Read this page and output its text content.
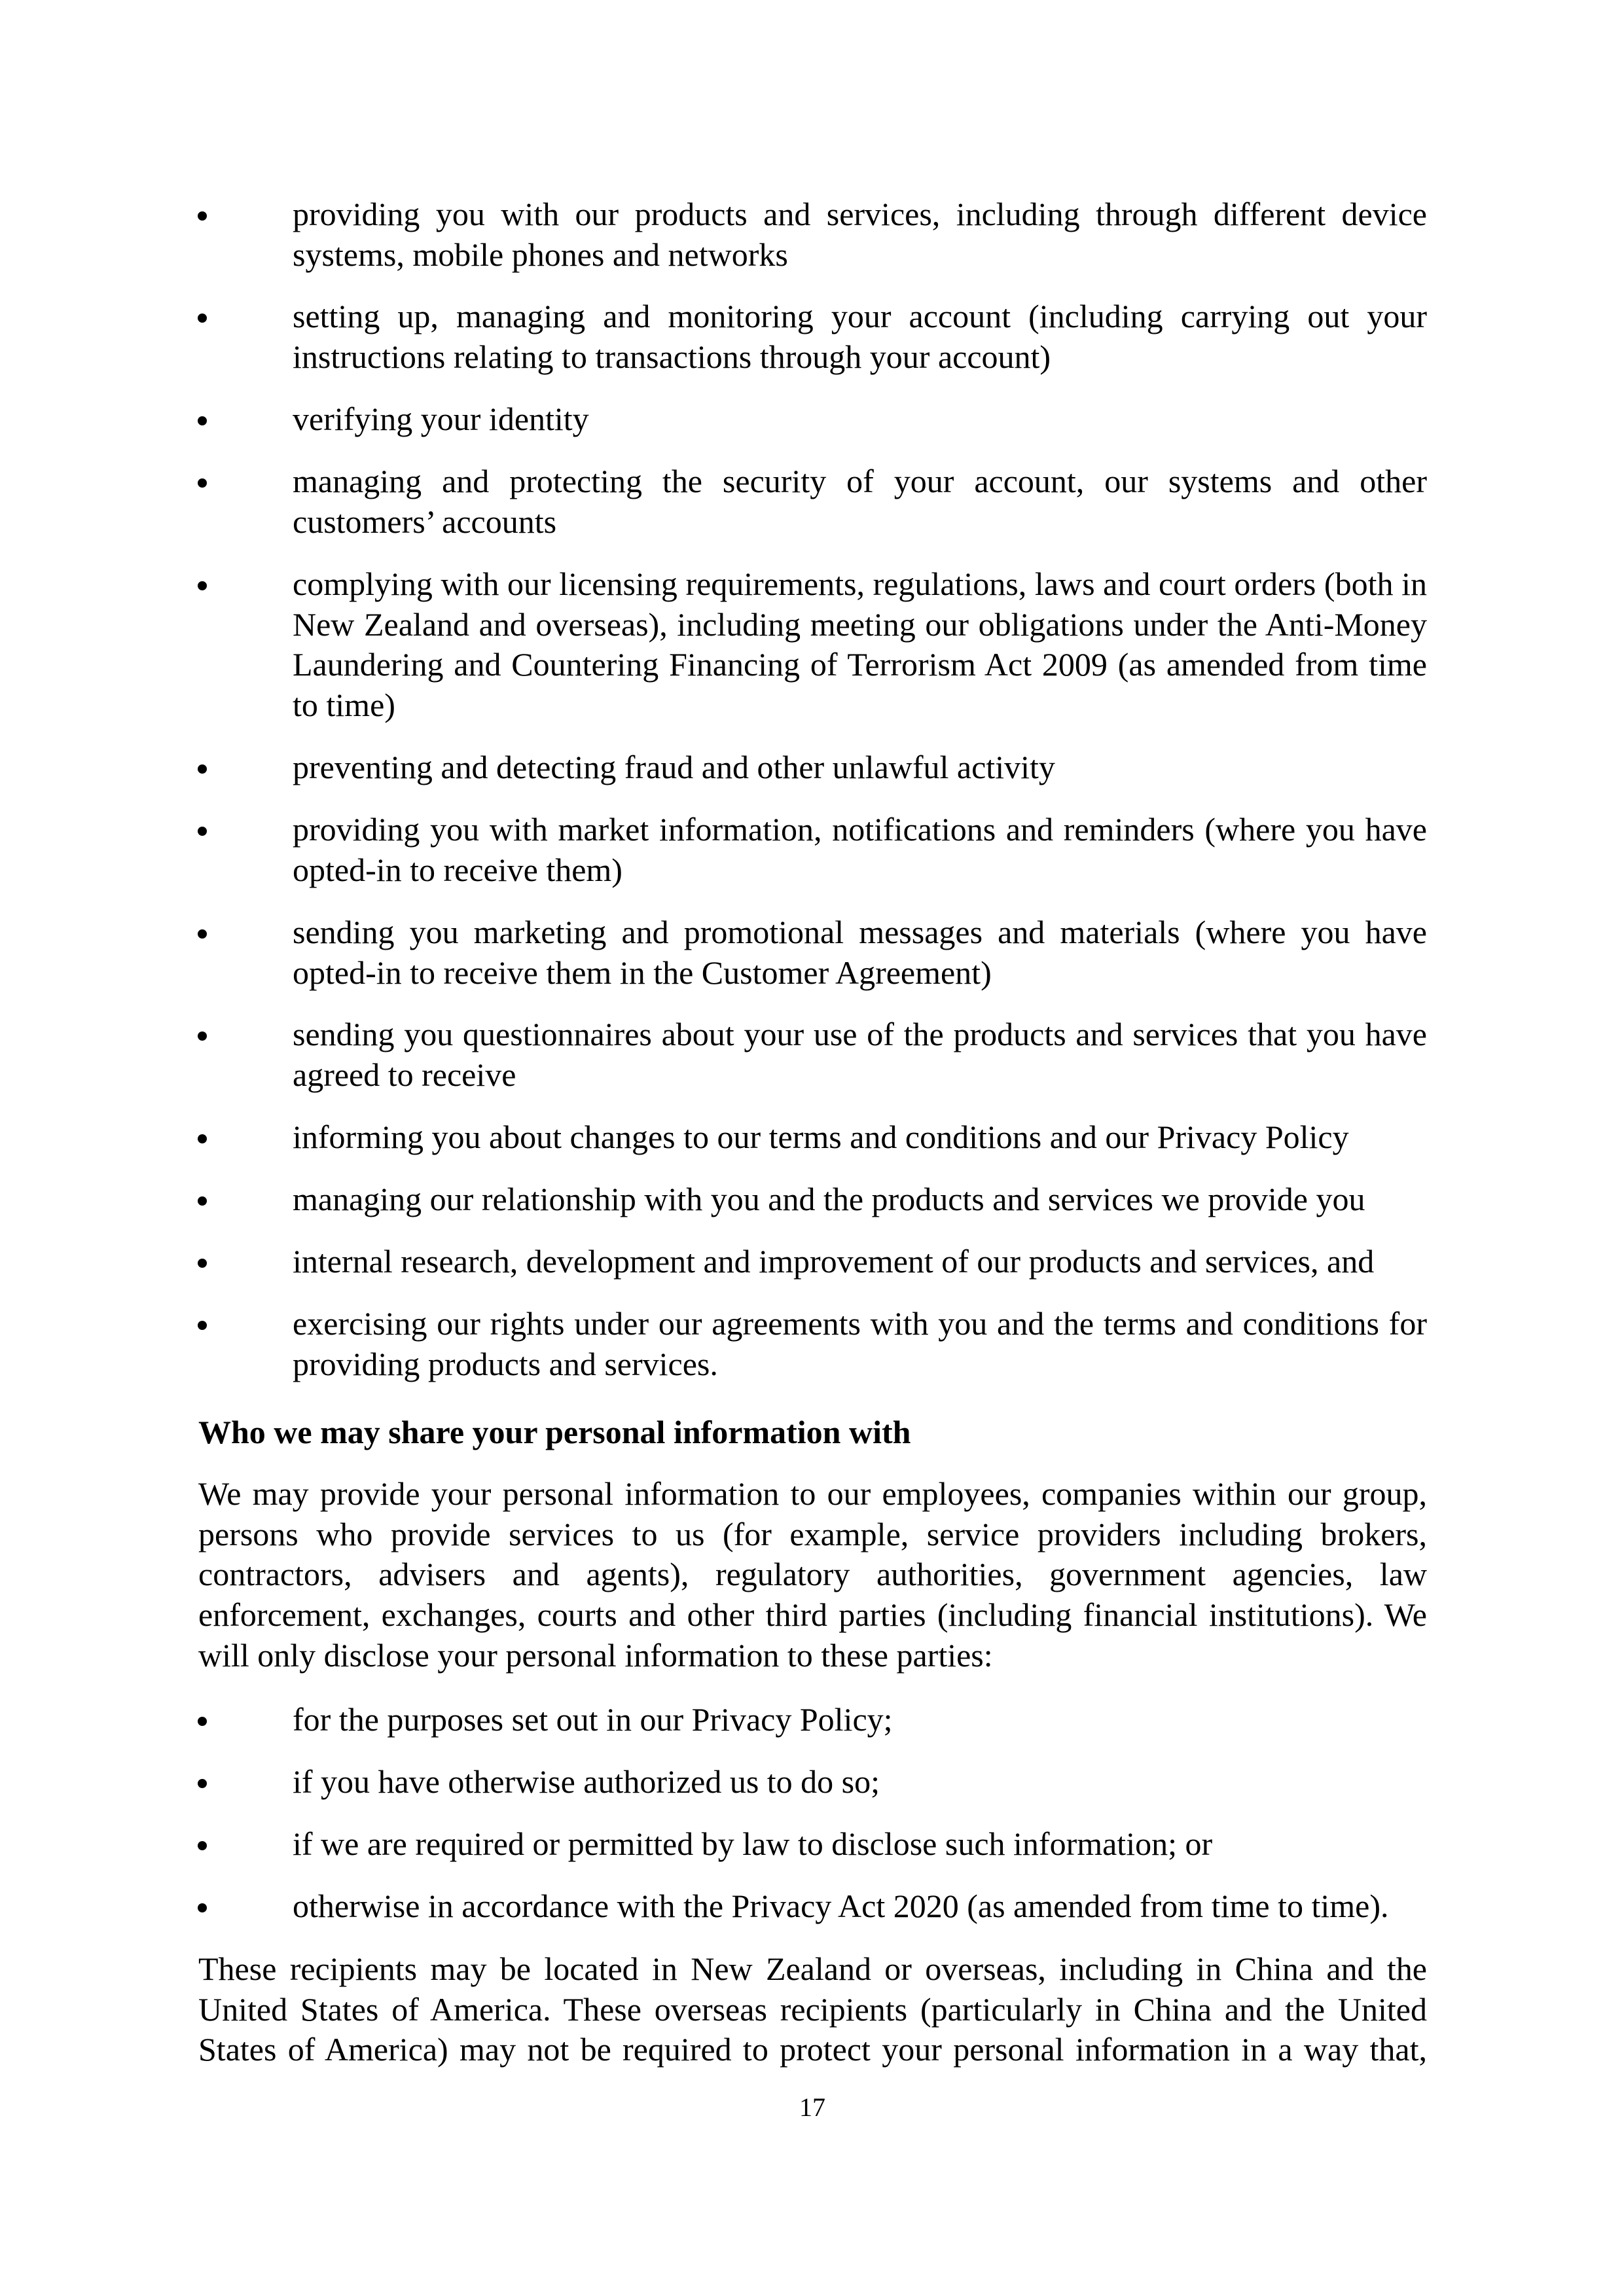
providing you with our products and services, including through different device systems, mobile phones and networks
setting up, managing and monitoring your account (including carrying out your instructions relating to transactions through your account)
verifying your identity
managing and protecting the security of your account, our systems and other customers’ accounts
complying with our licensing requirements, regulations, laws and court orders (both in New Zealand and overseas), including meeting our obligations under the Anti-Money Laundering and Countering Financing of Terrorism Act 2009 (as amended from time to time)
preventing and detecting fraud and other unlawful activity
providing you with market information, notifications and reminders (where you have opted-in to receive them)
sending you marketing and promotional messages and materials (where you have opted-in to receive them in the Customer Agreement)
sending you questionnaires about your use of the products and services that you have agreed to receive
informing you about changes to our terms and conditions and our Privacy Policy
managing our relationship with you and the products and services we provide you
internal research, development and improvement of our products and services, and
exercising our rights under our agreements with you and the terms and conditions for providing products and services.
Who we may share your personal information with
We may provide your personal information to our employees, companies within our group, persons who provide services to us (for example, service providers including brokers, contractors, advisers and agents), regulatory authorities, government agencies, law enforcement, exchanges, courts and other third parties (including financial institutions). We will only disclose your personal information to these parties:
for the purposes set out in our Privacy Policy;
if you have otherwise authorized us to do so;
if we are required or permitted by law to disclose such information; or
otherwise in accordance with the Privacy Act 2020 (as amended from time to time).
These recipients may be located in New Zealand or overseas, including in China and the United States of America. These overseas recipients (particularly in China and the United States of America) may not be required to protect your personal information in a way that,
17
